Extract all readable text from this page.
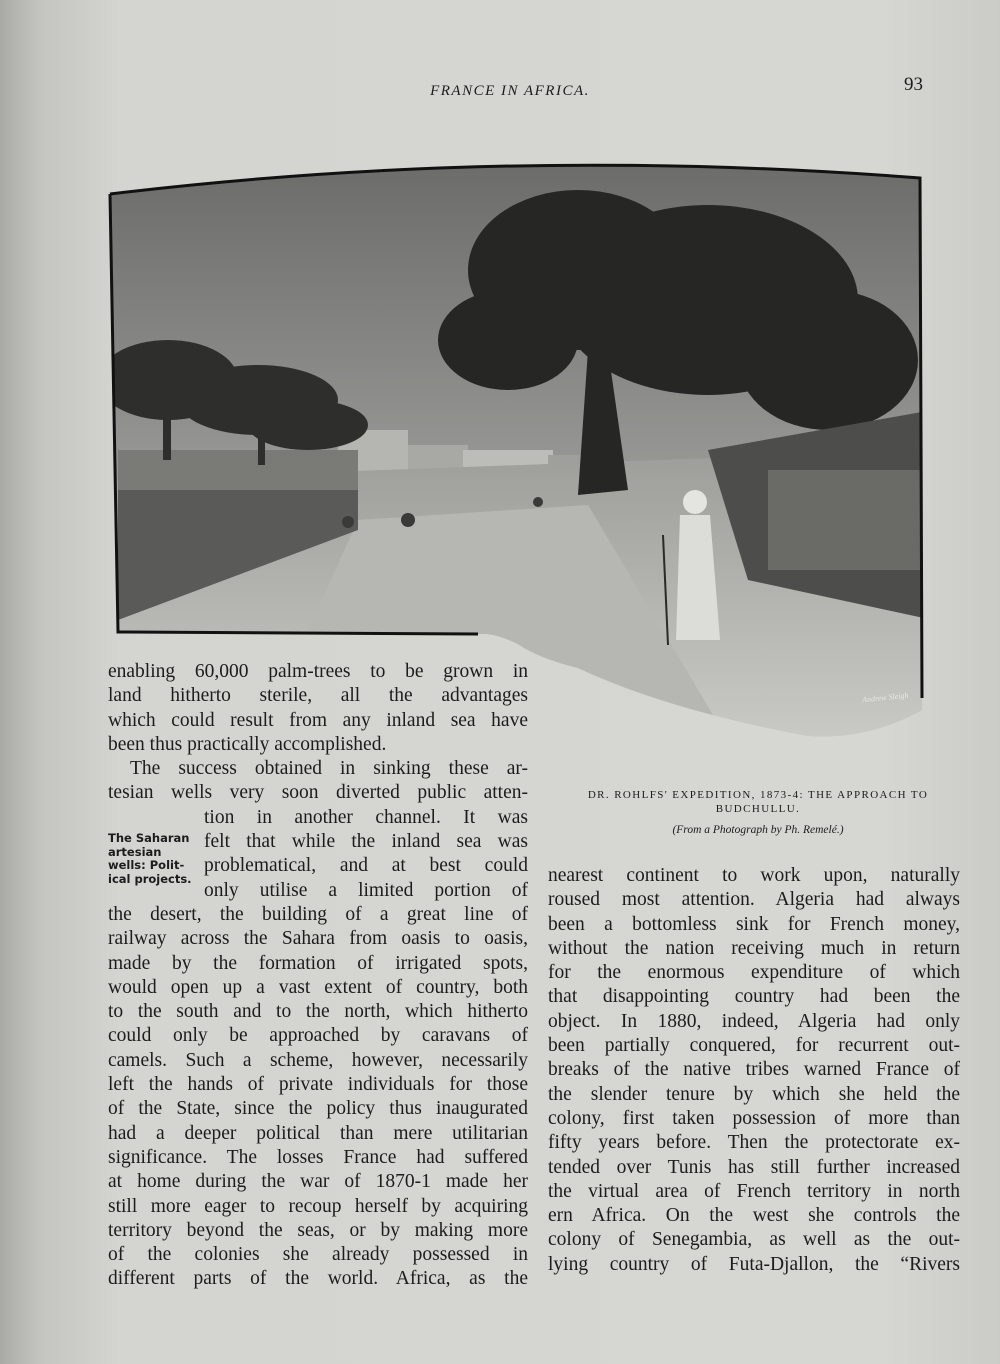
FRANCE IN AFRICA.	93
Andrew Sleigh
enabling 60,000 palm-trees to be grown in
land hitherto sterile, all the advantages
which could result from any inland sea have
been thus practically accomplished.
The success obtained in sinking these ar-
tesian wells very soon diverted public atten-
tion in another channel. It was
felt that while the inland sea was
problematical, and at best could
only utilise a limited portion of
the desert, the building of a great line of
railway across the Sahara from oasis to oasis,
made by the formation of irrigated spots,
would open up a vast extent of country, both
to the south and to the north, which hitherto
could only be approached by caravans of
camels. Such a scheme, however, necessarily
left the hands of private individuals for those
of the State, since the policy thus inaugurated
had a deeper political than mere utilitarian
significance. The losses France had suffered
at home during the war of 1870-1 made her
still more eager to recoup herself by acquiring
territory beyond the seas, or by making more
of the colonies she already possessed in
different parts of the world. Africa, as the
The Saharan
artesian
wells: Polit-
ical projects.
DR. ROHLFS' EXPEDITION, 1873-4: THE APPROACH TO BUDCHULLU.
(From a Photograph by Ph. Remelé.)
nearest continent to work upon, naturally
roused most attention. Algeria had always
been a bottomless sink for French money,
without the nation receiving much in return
for the enormous expenditure of which
that disappointing country had been the
object. In 1880, indeed, Algeria had only
been partially conquered, for recurrent out-
breaks of the native tribes warned France of
the slender tenure by which she held the
colony, first taken possession of more than
fifty years before. Then the protectorate ex-
tended over Tunis has still further increased
the virtual area of French territory in north
ern Africa. On the west she controls the
colony of Senegambia, as well as the out-
lying country of Futa-Djallon, the “Rivers
